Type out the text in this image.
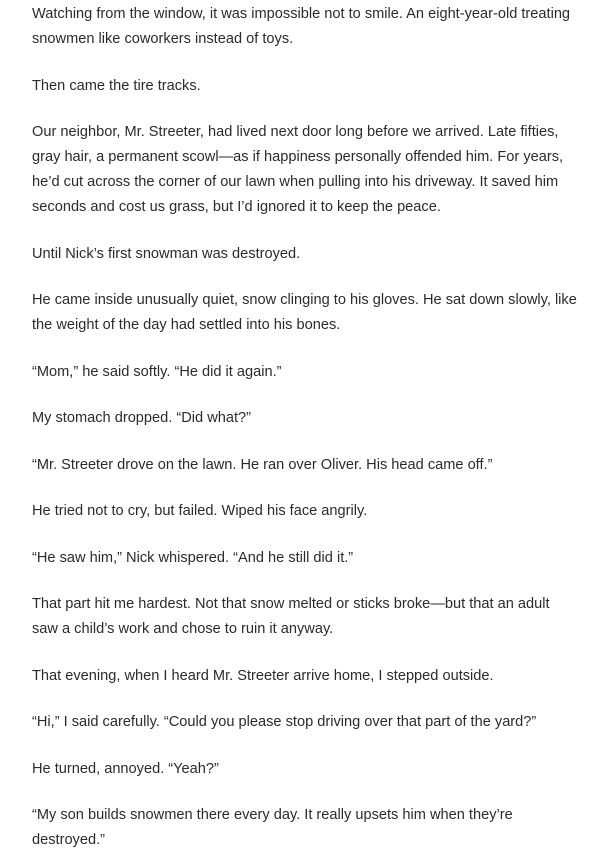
Watching from the window, it was impossible not to smile. An eight-year-old treating snowmen like coworkers instead of toys.

Then came the tire tracks.

Our neighbor, Mr. Streeter, had lived next door long before we arrived. Late fifties, gray hair, a permanent scowl—as if happiness personally offended him. For years, he’d cut across the corner of our lawn when pulling into his driveway. It saved him seconds and cost us grass, but I’d ignored it to keep the peace.

Until Nick’s first snowman was destroyed.

He came inside unusually quiet, snow clinging to his gloves. He sat down slowly, like the weight of the day had settled into his bones.

“Mom,” he said softly. “He did it again.”

My stomach dropped. “Did what?”

“Mr. Streeter drove on the lawn. He ran over Oliver. His head came off.”

He tried not to cry, but failed. Wiped his face angrily.

“He saw him,” Nick whispered. “And he still did it.”

That part hit me hardest. Not that snow melted or sticks broke—but that an adult saw a child’s work and chose to ruin it anyway.

That evening, when I heard Mr. Streeter arrive home, I stepped outside.

“Hi,” I said carefully. “Could you please stop driving over that part of the yard?”

He turned, annoyed. “Yeah?”

“My son builds snowmen there every day. It really upsets him when they’re destroyed.”
